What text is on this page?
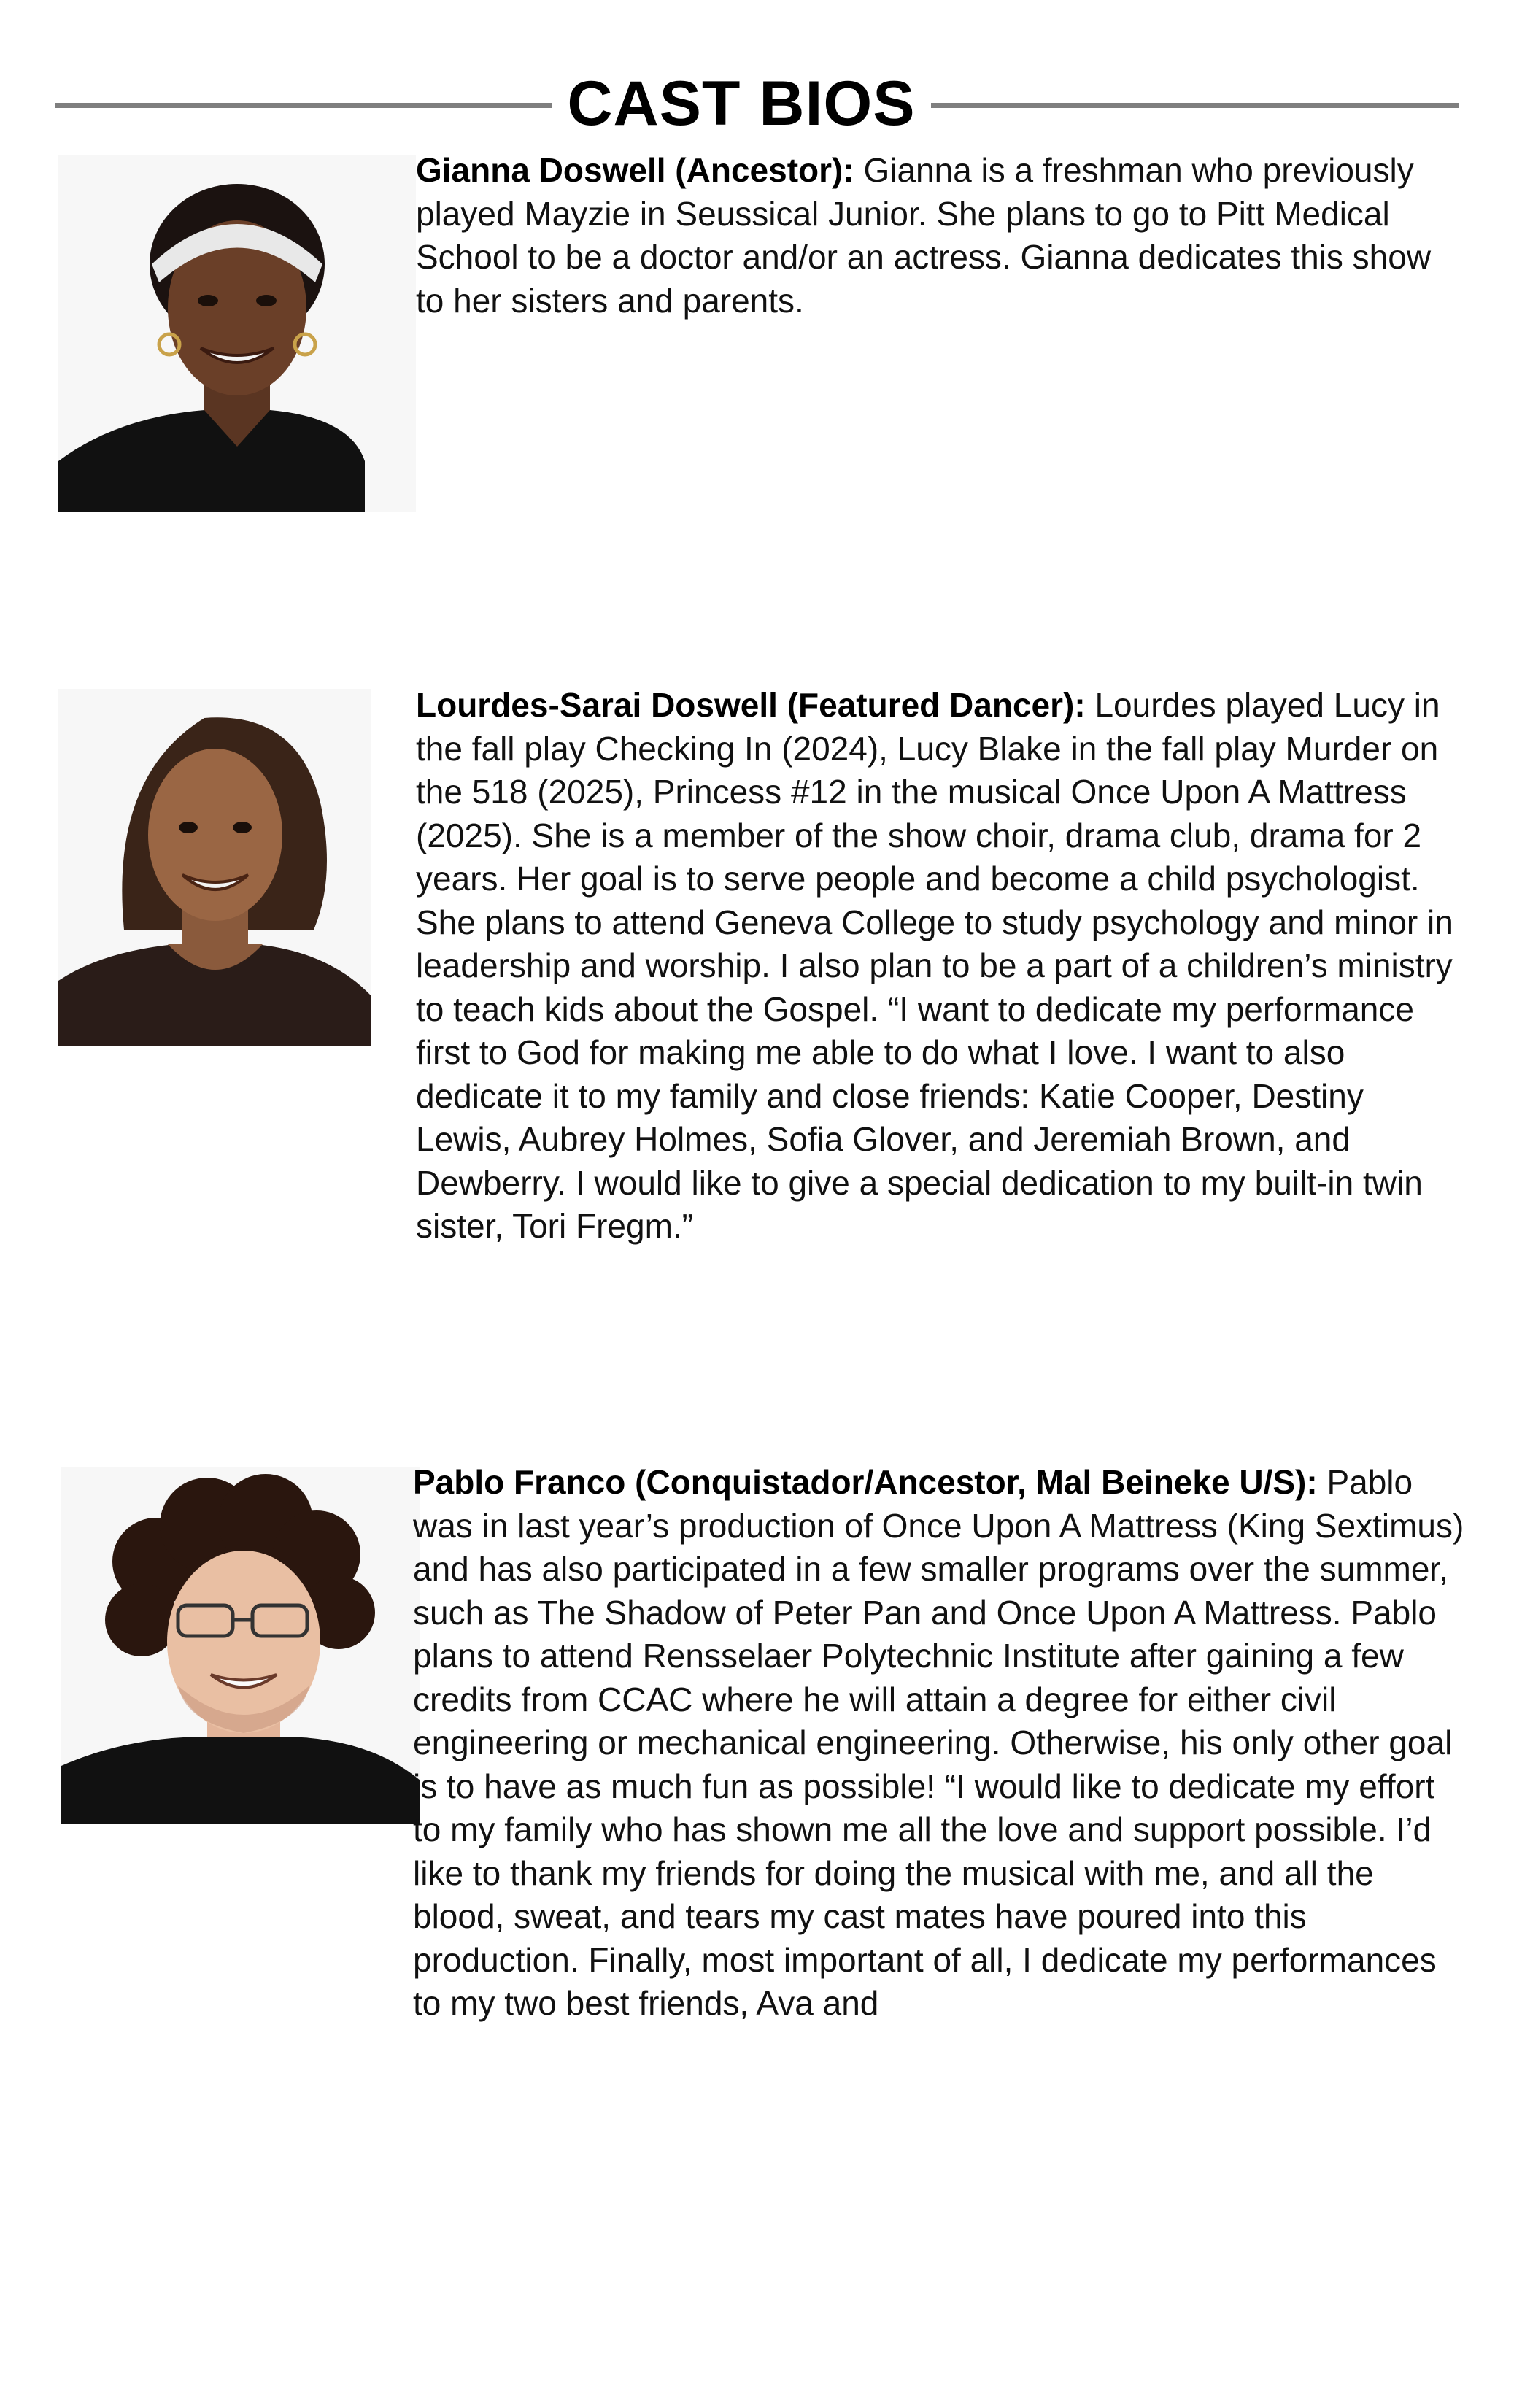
CAST BIOS
Gianna Doswell (Ancestor): Gianna is a freshman who previously played Mayzie in Seussical Junior. She plans to go to Pitt Medical School to be a doctor and/or an actress. Gianna dedicates this show to her sisters and parents.
Lourdes-Sarai Doswell (Featured Dancer): Lourdes played Lucy in the fall play Checking In (2024), Lucy Blake in the fall play Murder on the 518 (2025), Princess #12 in the musical Once Upon A Mattress (2025). She is a member of the show choir, drama club, drama for 2 years. Her goal is to serve people and become a child psychologist. She plans to attend Geneva College to study psychology and minor in leadership and worship. I also plan to be a part of a children’s ministry to teach kids about the Gospel. “I want to dedicate my performance first to God for making me able to do what I love. I want to also dedicate it to my family and close friends: Katie Cooper, Destiny Lewis, Aubrey Holmes, Sofia Glover, and Jeremiah Brown, and Dewberry. I would like to give a special dedication to my built-in twin sister, Tori Fregm.”
Pablo Franco (Conquistador/Ancestor, Mal Beineke U/S): Pablo was in last year’s production of Once Upon A Mattress (King Sextimus) and has also participated in a few smaller programs over the summer, such as The Shadow of Peter Pan and Once Upon A Mattress. Pablo plans to attend Rensselaer Polytechnic Institute after gaining a few credits from CCAC where he will attain a degree for either civil engineering or mechanical engineering. Otherwise, his only other goal is to have as much fun as possible! “I would like to dedicate my effort to my family who has shown me all the love and support possible. I’d like to thank my friends for doing the musical with me, and all the blood, sweat, and tears my cast mates have poured into this production. Finally, most important of all, I dedicate my performances to my two best friends, Ava and
